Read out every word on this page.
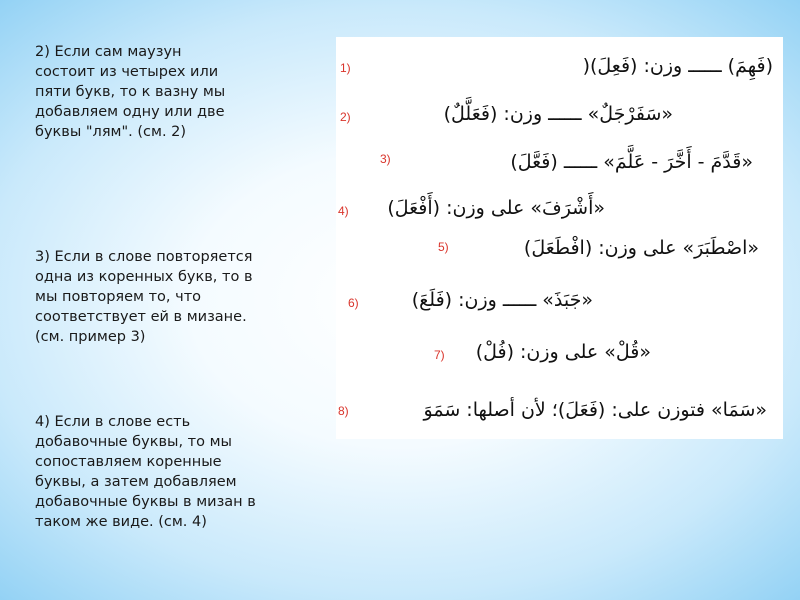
2) Если сам маузун
состоит из четырех или
пяти букв, то к вазну мы
добавляем одну или две
буквы "лям". (см. 2)

3) Если в слове повторяется
одна из коренных букв, то в
мы повторяем то, что
соответствует ей в мизане.
(см. пример 3)

4) Если в слове есть
добавочные буквы, то мы
сопоставляем коренные
буквы, а затем добавляем
добавочные буквы в мизан в
таком же виде. (см. 4)

1)	(فَهِمَ) ــــــ وزن: (فَعِلَ)(
2)	«سَفَرْجَلٌ» ــــــ وزن: (فَعَلَّلٌ)
3)	«قَدَّمَ - أَخَّرَ - عَلَّمَ» ــــــ (فَعَّلَ)
4) «أَشْرَفَ» على وزن: (أَفْعَلَ)
5)	«اصْطَبَرَ» على وزن: (افْطَعَلَ)
6)	«جَبَذَ» ــــــ وزن: (فَلَعَ)
7) «قُلْ» على وزن: (فُلْ)
8)	«سَمَا» فتوزن على: (فَعَلَ)؛ لأن أصلها: سَمَوَ
